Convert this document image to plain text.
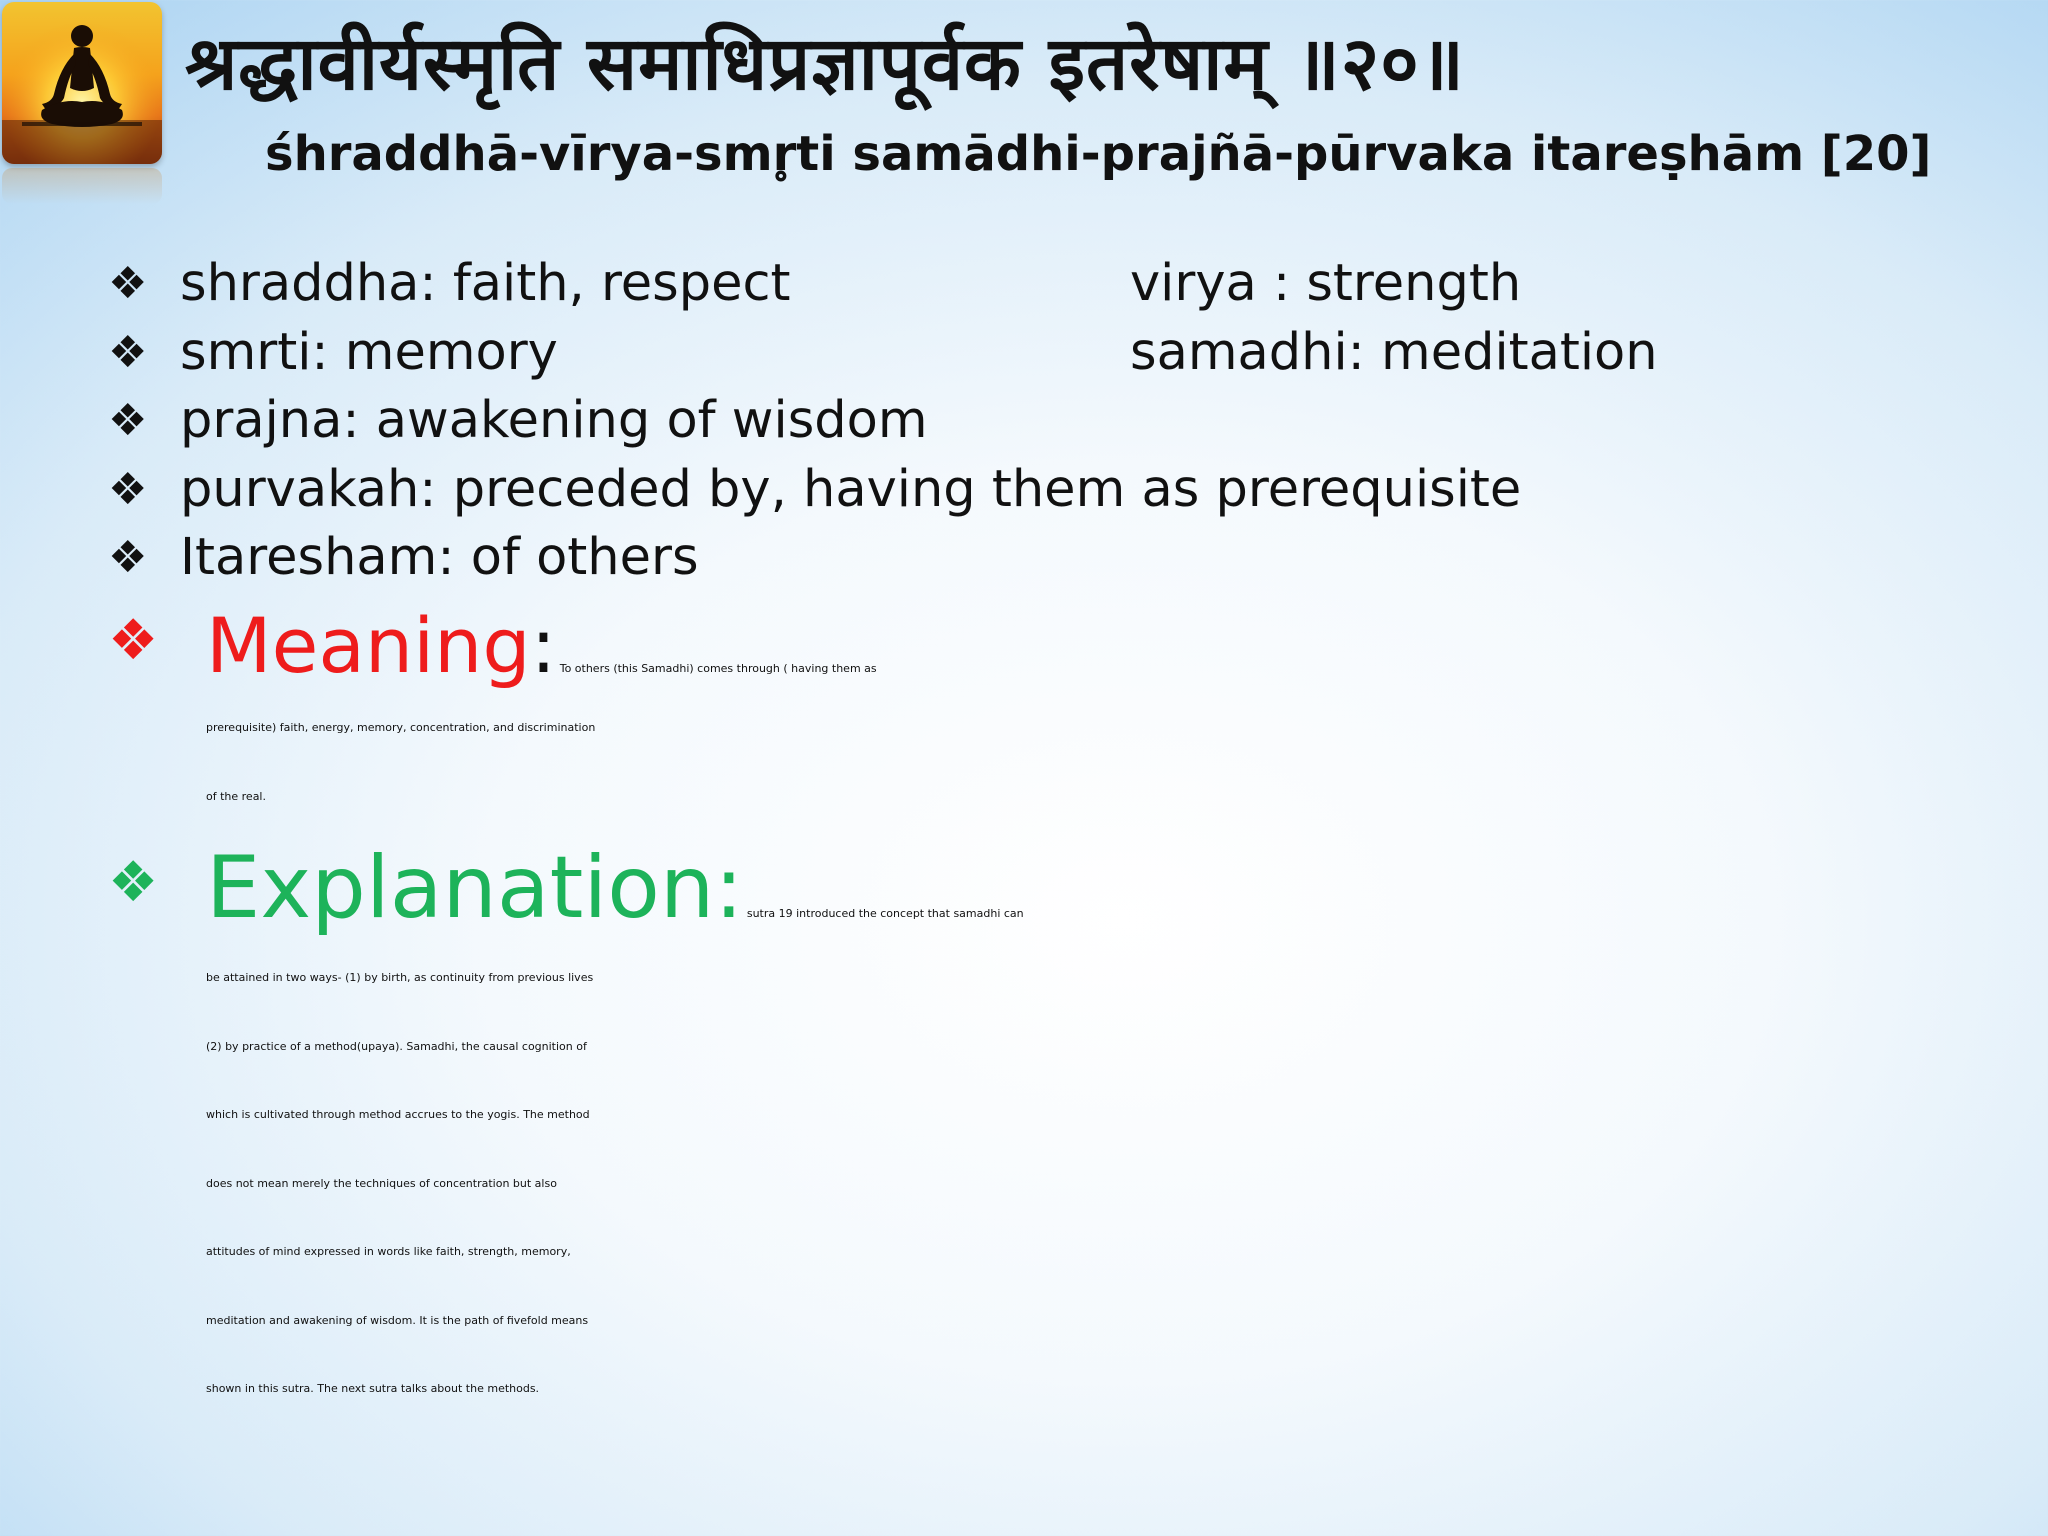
श्रद्धावीर्यस्मृति समाधिप्रज्ञापूर्वक इतरेषाम् ॥२०॥
śhraddhā-vīrya-smr̥ti samādhi-prajñā-pūrvaka itareṣhām [20]
❖ shraddha: faith, respect	virya : strength
❖ smrti: memory	samadhi: meditation
❖ prajna: awakening of wisdom
❖ purvakah: preceded by, having them as prerequisite
❖ Itaresham: of others
❖ Meaning: To others (this Samadhi) comes through ( having them as
prerequisite) faith, energy, memory, concentration, and discrimination
of the real.
❖ Explanation: sutra 19 introduced the concept that samadhi can
be attained in two ways- (1) by birth, as continuity from previous lives
(2) by practice of a method(upaya). Samadhi, the causal cognition of
which is cultivated through method accrues to the yogis. The method
does not mean merely the techniques of concentration but also
attitudes of mind expressed in words like faith, strength, memory,
meditation and awakening of wisdom. It is the path of fivefold means
shown in this sutra. The next sutra talks about the methods.
